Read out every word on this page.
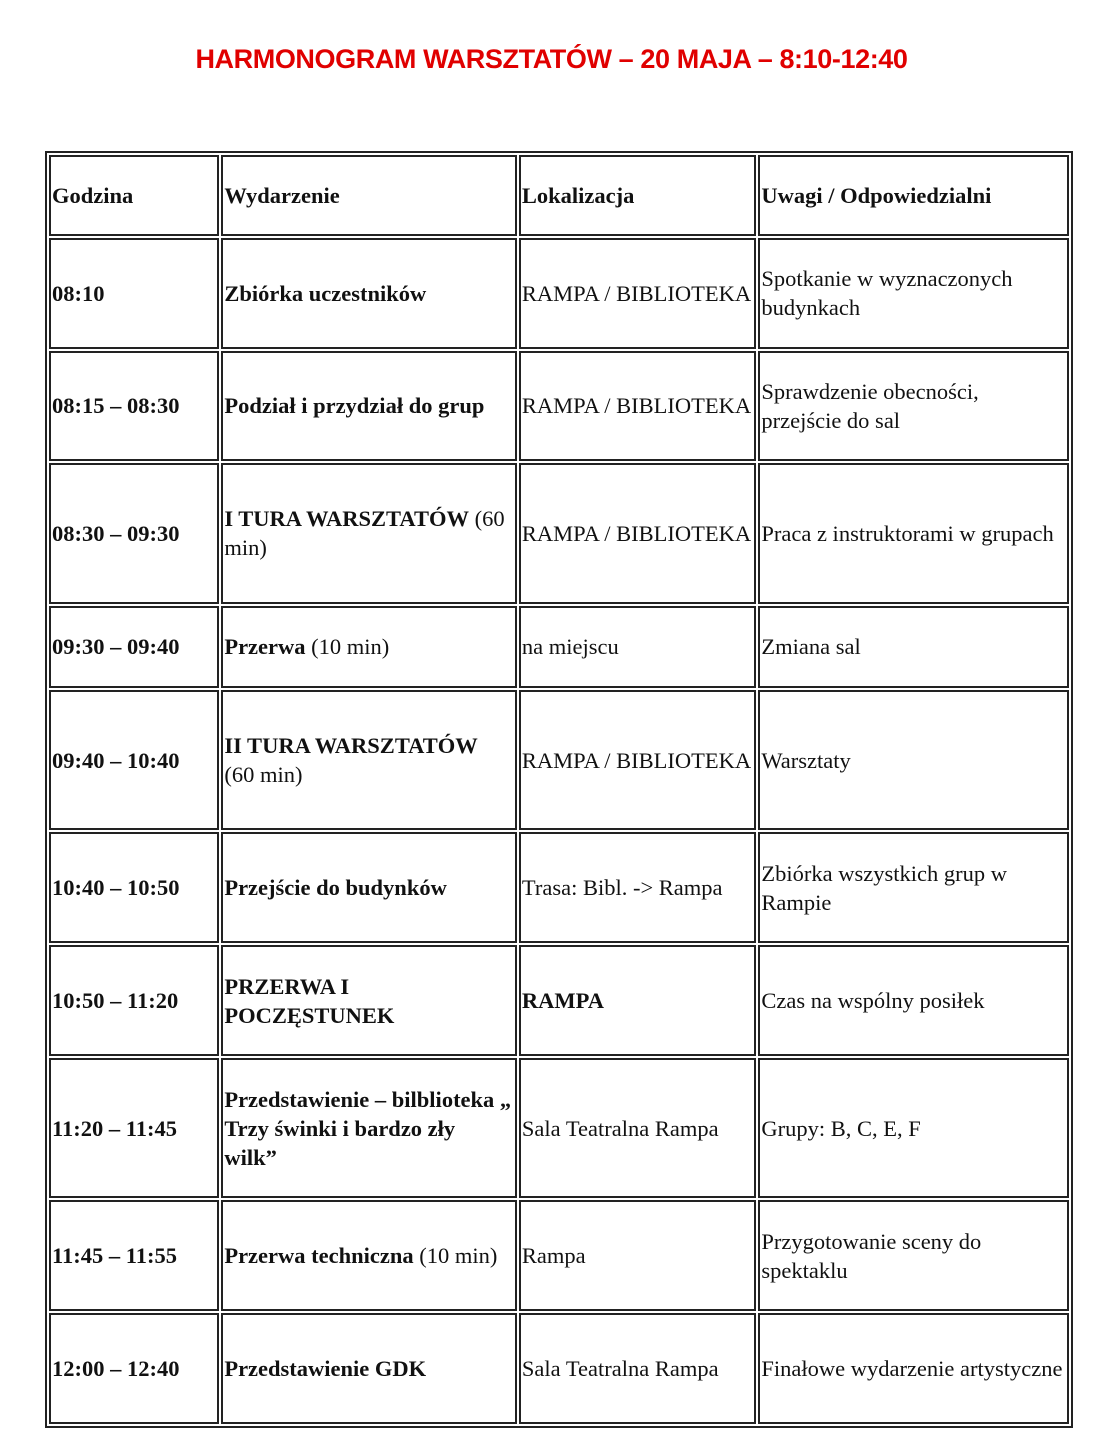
HARMONOGRAM WARSZTATÓW – 20 MAJA – 8:10-12:40
Godzina	Wydarzenie	Lokalizacja	Uwagi / Odpowiedzialni
08:10	Zbiórka uczestników	RAMPA / BIBLIOTEKA	Spotkanie w wyznaczonych budynkach
08:15 – 08:30	Podział i przydział do grup	RAMPA / BIBLIOTEKA	Sprawdzenie obecności, przejście do sal
08:30 – 09:30	I TURA WARSZTATÓW (60 min)	RAMPA / BIBLIOTEKA	Praca z instruktorami w grupach
09:30 – 09:40	Przerwa (10 min)	na miejscu	Zmiana sal
09:40 – 10:40	II TURA WARSZTATÓW (60 min)	RAMPA / BIBLIOTEKA	Warsztaty
10:40 – 10:50	Przejście do budynków	Trasa: Bibl. -> Rampa	Zbiórka wszystkich grup w Rampie
10:50 – 11:20	PRZERWA I POCZĘSTUNEK	RAMPA	Czas na wspólny posiłek
11:20 – 11:45	Przedstawienie – bilblioteka „ Trzy świnki i bardzo zły wilk”	Sala Teatralna Rampa	Grupy: B, C, E, F
11:45 – 11:55	Przerwa techniczna (10 min)	Rampa	Przygotowanie sceny do spektaklu
12:00 – 12:40	Przedstawienie GDK	Sala Teatralna Rampa	Finałowe wydarzenie artystyczne
